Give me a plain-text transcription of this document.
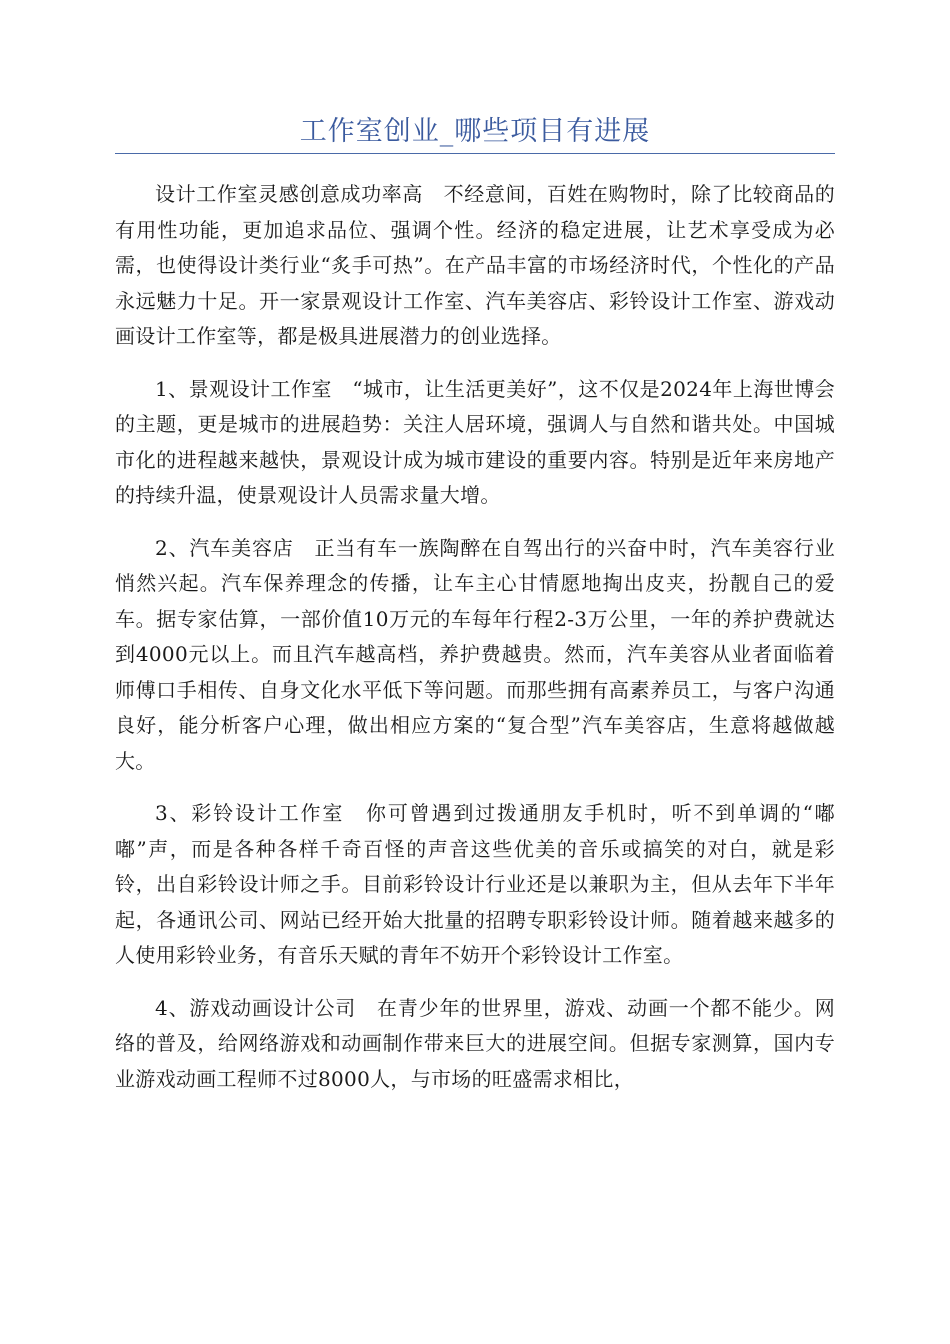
工作室创业_哪些项目有进展

设计工作室灵感创意成功率高　不经意间，百姓在购物时，除了比较商品的有用性功能，更加追求品位、强调个性。经济的稳定进展，让艺术享受成为必需，也使得设计类行业“炙手可热”。在产品丰富的市场经济时代，个性化的产品永远魅力十足。开一家景观设计工作室、汽车美容店、彩铃设计工作室、游戏动画设计工作室等，都是极具进展潜力的创业选择。

1、景观设计工作室　“城市，让生活更美好”，这不仅是2024年上海世博会的主题，更是城市的进展趋势：关注人居环境，强调人与自然和谐共处。中国城市化的进程越来越快，景观设计成为城市建设的重要内容。特别是近年来房地产的持续升温，使景观设计人员需求量大增。

2、汽车美容店　正当有车一族陶醉在自驾出行的兴奋中时，汽车美容行业悄然兴起。汽车保养理念的传播，让车主心甘情愿地掏出皮夹，扮靓自己的爱车。据专家估算，一部价值10万元的车每年行程2-3万公里，一年的养护费就达到4000元以上。而且汽车越高档，养护费越贵。然而，汽车美容从业者面临着师傅口手相传、自身文化水平低下等问题。而那些拥有高素养员工，与客户沟通良好，能分析客户心理，做出相应方案的“复合型”汽车美容店，生意将越做越大。

3、彩铃设计工作室　你可曾遇到过拨通朋友手机时，听不到单调的“嘟嘟”声，而是各种各样千奇百怪的声音这些优美的音乐或搞笑的对白，就是彩铃，出自彩铃设计师之手。目前彩铃设计行业还是以兼职为主，但从去年下半年起，各通讯公司、网站已经开始大批量的招聘专职彩铃设计师。随着越来越多的人使用彩铃业务，有音乐天赋的青年不妨开个彩铃设计工作室。

4、游戏动画设计公司　在青少年的世界里，游戏、动画一个都不能少。网络的普及，给网络游戏和动画制作带来巨大的进展空间。但据专家测算，国内专业游戏动画工程师不过8000人，与市场的旺盛需求相比，
